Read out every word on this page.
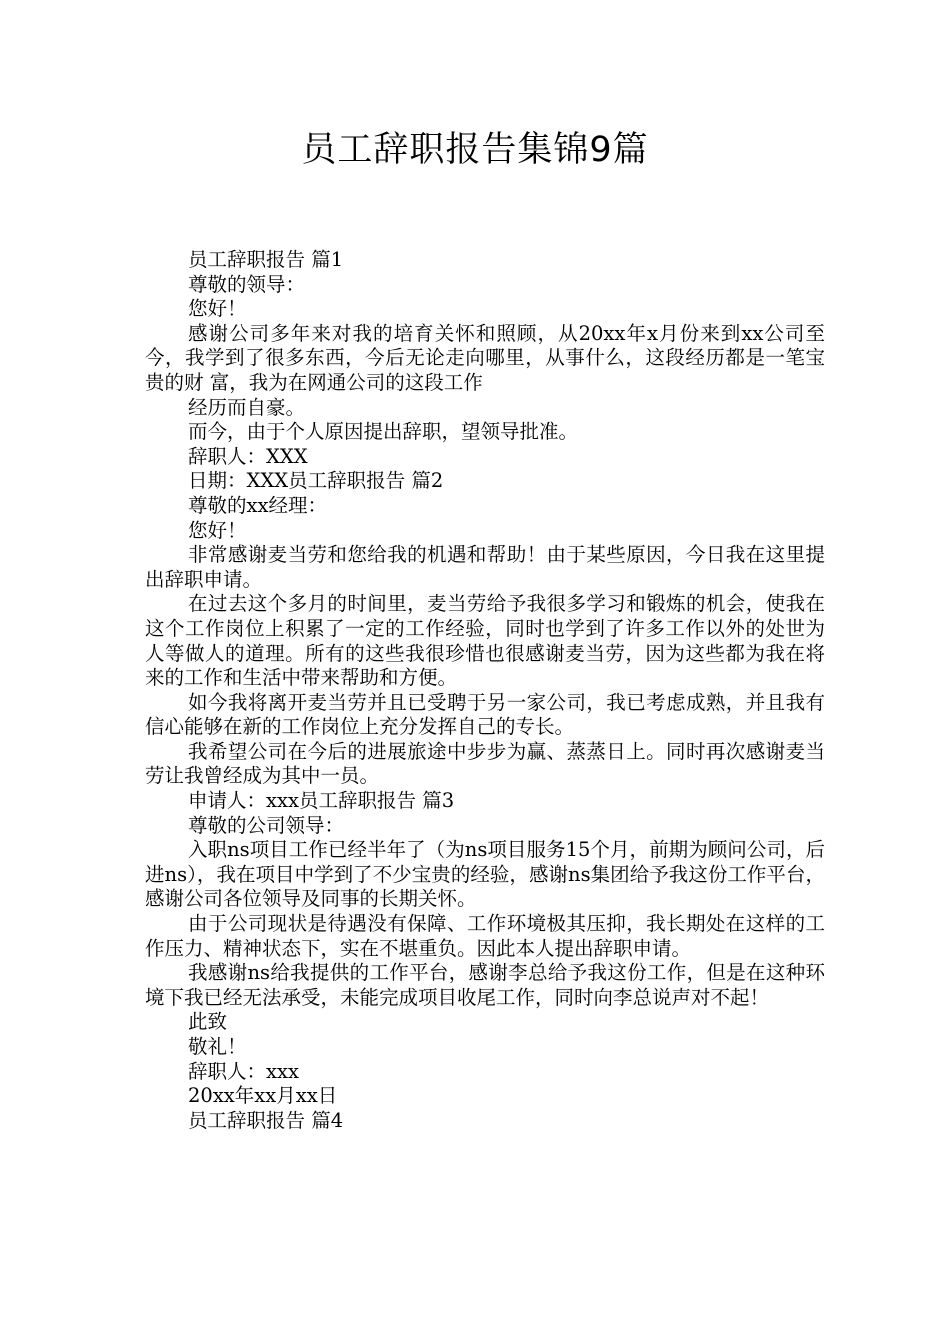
员工辞职报告集锦9篇

员工辞职报告 篇1

尊敬的领导：

您好！

感谢公司多年来对我的培育关怀和照顾，从20xx年x月份来到xx公司至今，我学到了很多东西，今后无论走向哪里，从事什么，这段经历都是一笔宝贵的财 富，我为在网通公司的这段工作

经历而自豪。

而今，由于个人原因提出辞职，望领导批准。

辞职人：XXX

日期：XXX员工辞职报告 篇2

尊敬的xx经理：

您好！

非常感谢麦当劳和您给我的机遇和帮助！由于某些原因，今日我在这里提出辞职申请。

在过去这个多月的时间里，麦当劳给予我很多学习和锻炼的机会，使我在这个工作岗位上积累了一定的工作经验，同时也学到了许多工作以外的处世为人等做人的道理。所有的这些我很珍惜也很感谢麦当劳，因为这些都为我在将来的工作和生活中带来帮助和方便。

如今我将离开麦当劳并且已受聘于另一家公司，我已考虑成熟，并且我有信心能够在新的工作岗位上充分发挥自己的专长。

我希望公司在今后的进展旅途中步步为赢、蒸蒸日上。同时再次感谢麦当劳让我曾经成为其中一员。

申请人：xxx员工辞职报告 篇3

尊敬的公司领导：

入职ns项目工作已经半年了（为ns项目服务15个月，前期为顾问公司，后进ns），我在项目中学到了不少宝贵的经验，感谢ns集团给予我这份工作平台，感谢公司各位领导及同事的长期关怀。

由于公司现状是待遇没有保障、工作环境极其压抑，我长期处在这样的工作压力、精神状态下，实在不堪重负。因此本人提出辞职申请。

我感谢ns给我提供的工作平台，感谢李总给予我这份工作，但是在这种环境下我已经无法承受，未能完成项目收尾工作，同时向李总说声对不起！

此致

敬礼！

辞职人：xxx

20xx年xx月xx日

员工辞职报告 篇4
